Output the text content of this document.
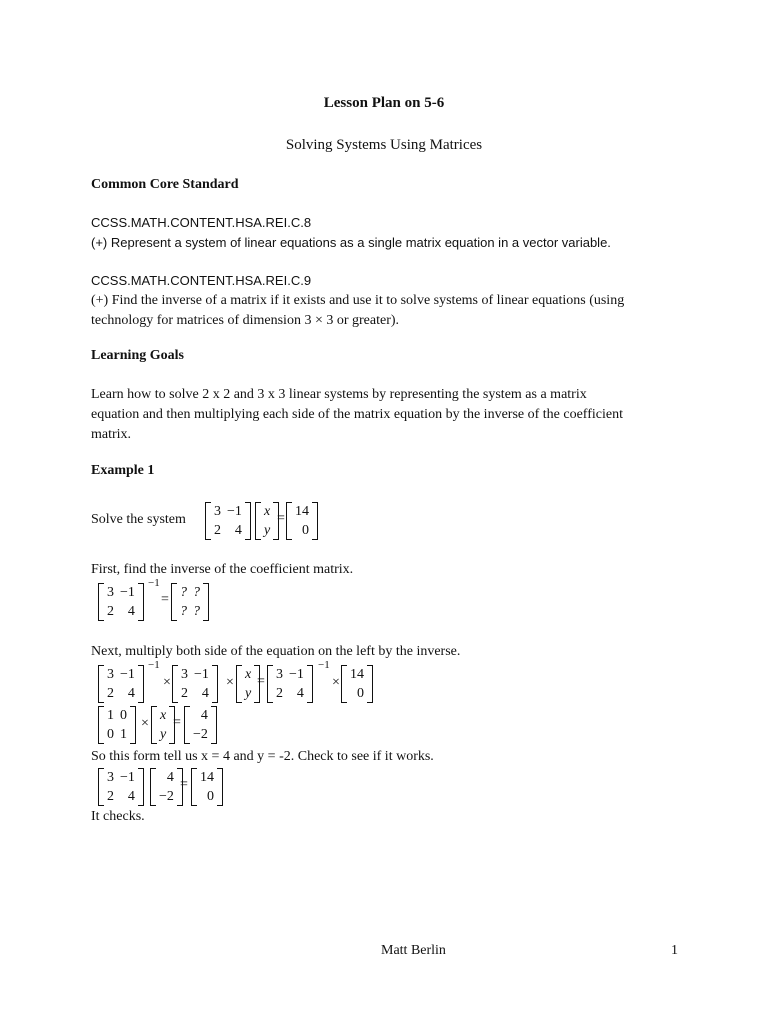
Lesson Plan on 5-6
Solving Systems Using Matrices
Common Core Standard
CCSS.MATH.CONTENT.HSA.REI.C.8
(+) Represent a system of linear equations as a single matrix equation in a vector variable.
CCSS.MATH.CONTENT.HSA.REI.C.9
(+) Find the inverse of a matrix if it exists and use it to solve systems of linear equations (using
technology for matrices of dimension 3 × 3 or greater).
Learning Goals
Learn how to solve 2 x 2 and 3 x 3 linear systems by representing the system as a matrix
equation and then multiplying each side of the matrix equation by the inverse of the coefficient
matrix.
Example 1
Solve the system
3	−1
2	4
x
y
= 14
0
First, find the inverse of the coefficient matrix.
3	−1
2	4
−1
= ?	?
?	?
Next, multiply both side of the equation on the left by the inverse.
3	−1
2	4
−1
×
3	−1
2	4
×
x
y
= 3	−1
2	4
−1
×
14
0
1	0
0	1
×
x
y
= 4
−2
So this form tell us x = 4 and y = -2. Check to see if it works.
3	−1
2	4
4
−2
= 14
0
It checks.
Matt Berlin	1
